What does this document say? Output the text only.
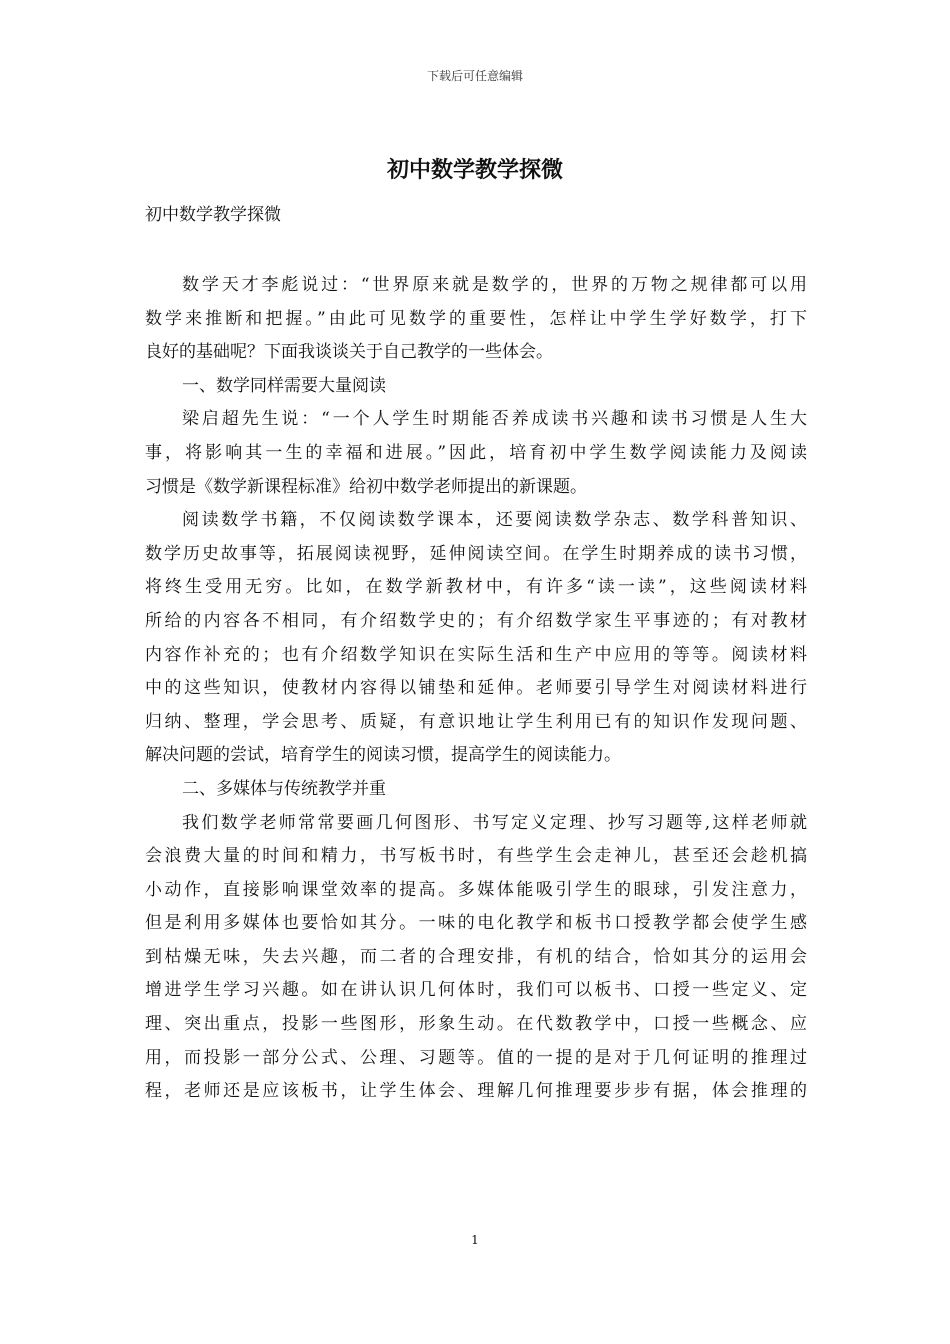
下载后可任意编辑
初中数学教学探微

初中数学教学探微

数学天才李彪说过：“世界原来就是数学的，世界的万物之规律都可以用
数学来推断和把握。”由此可见数学的重要性，怎样让中学生学好数学，打下
良好的基础呢？下面我谈谈关于自己教学的一些体会。
一、数学同样需要大量阅读
梁启超先生说：“一个人学生时期能否养成读书兴趣和读书习惯是人生大
事，将影响其一生的幸福和进展。”因此，培育初中学生数学阅读能力及阅读
习惯是《数学新课程标准》给初中数学老师提出的新课题。
阅读数学书籍，不仅阅读数学课本，还要阅读数学杂志、数学科普知识、
数学历史故事等，拓展阅读视野，延伸阅读空间。在学生时期养成的读书习惯，
将终生受用无穷。比如，在数学新教材中，有许多“读一读”，这些阅读材料
所给的内容各不相同，有介绍数学史的；有介绍数学家生平事迹的；有对教材
内容作补充的；也有介绍数学知识在实际生活和生产中应用的等等。阅读材料
中的这些知识，使教材内容得以铺垫和延伸。老师要引导学生对阅读材料进行
归纳、整理，学会思考、质疑，有意识地让学生利用已有的知识作发现问题、
解决问题的尝试，培育学生的阅读习惯，提高学生的阅读能力。
二、多媒体与传统教学并重
我们数学老师常常要画几何图形、书写定义定理、抄写习题等,这样老师就
会浪费大量的时间和精力，书写板书时，有些学生会走神儿，甚至还会趁机搞
小动作，直接影响课堂效率的提高。多媒体能吸引学生的眼球，引发注意力，
但是利用多媒体也要恰如其分。一味的电化教学和板书口授教学都会使学生感
到枯燥无味，失去兴趣，而二者的合理安排，有机的结合，恰如其分的运用会
增进学生学习兴趣。如在讲认识几何体时，我们可以板书、口授一些定义、定
理、突出重点，投影一些图形，形象生动。在代数教学中，口授一些概念、应
用，而投影一部分公式、公理、习题等。值的一提的是对于几何证明的推理过
程，老师还是应该板书，让学生体会、理解几何推理要步步有据，体会推理的
1
